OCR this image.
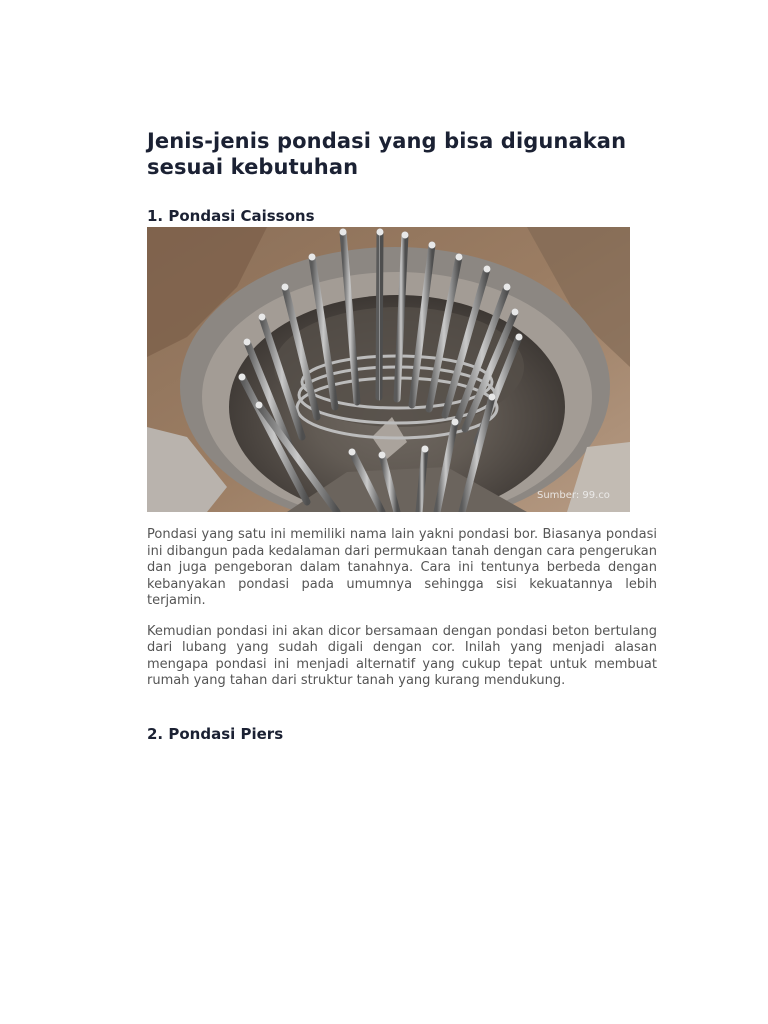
Jenis-jenis pondasi yang bisa digunakan sesuai kebutuhan
1. Pondasi Caissons
Sumber: 99.co

Pondasi yang satu ini memiliki nama lain yakni pondasi bor. Biasanya pondasi ini dibangun pada kedalaman dari permukaan tanah dengan cara pengerukan dan juga pengeboran dalam tanahnya. Cara ini tentunya berbeda dengan kebanyakan pondasi pada umumnya sehingga sisi kekuatannya lebih terjamin.

Kemudian pondasi ini akan dicor bersamaan dengan pondasi beton bertulang dari lubang yang sudah digali dengan cor. Inilah yang menjadi alasan mengapa pondasi ini menjadi alternatif yang cukup tepat untuk membuat rumah yang tahan dari struktur tanah yang kurang mendukung.

2. Pondasi Piers
